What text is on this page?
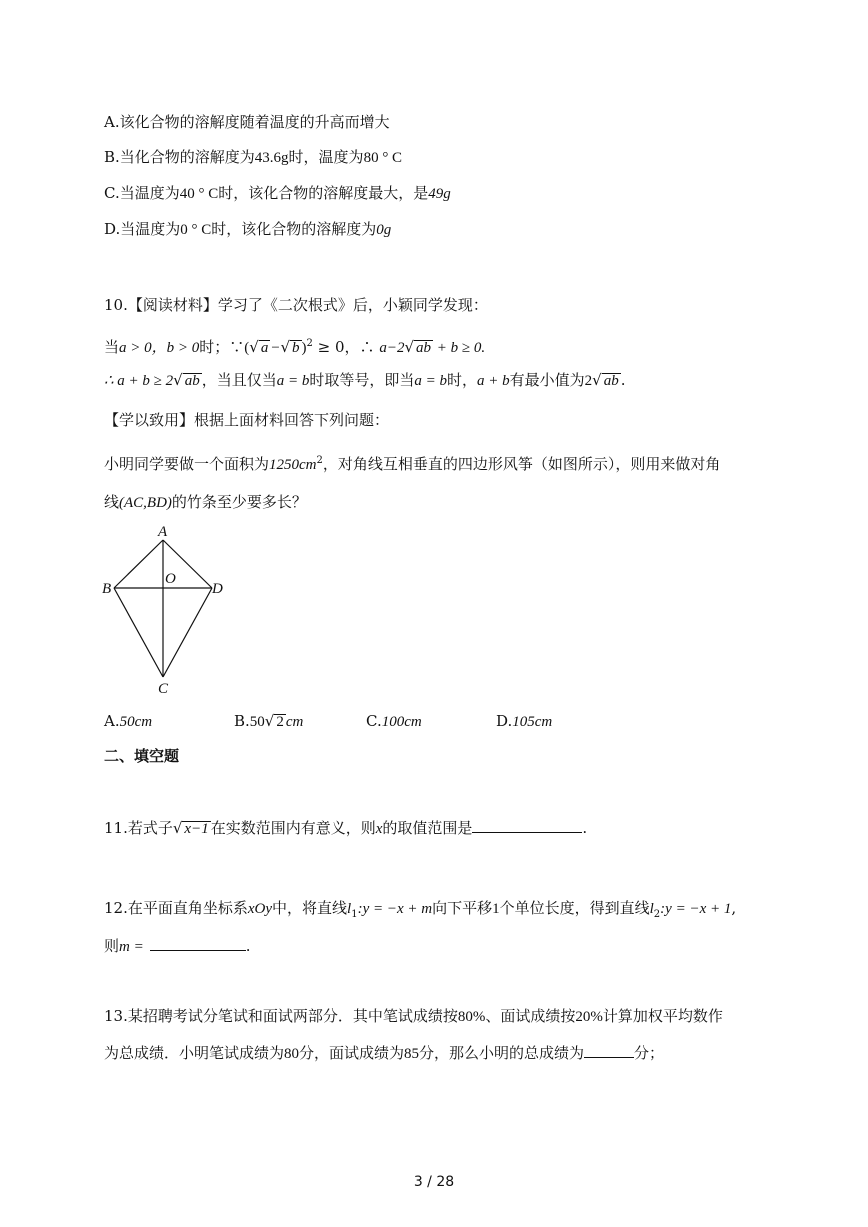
A.该化合物的溶解度随着温度的升高而增大
B.当化合物的溶解度为43.6g时，温度为80 ° C
C.当温度为40 ° C时，该化合物的溶解度最大，是49g
D.当温度为0 ° C时，该化合物的溶解度为0g
10.【阅读材料】学习了《二次根式》后，小颖同学发现：
当a > 0，b > 0时；∵(√ a −√ b )$^2$ ≥ 0，∴ a−2√ ab + b ≥ 0.
∴ a + b ≥ 2√ ab ，当且仅当a = b时取等号，即当a = b时，a + b有最小值为2√ ab .
【学以致用】根据上面材料回答下列问题：
小明同学要做一个面积为$1250cm^2$，对角线互相垂直的四边形风筝（如图所示），则用来做对角
线(AC,BD)的竹条至少要多长？
A
B
O
D
C
A.50cm	B.50√ 2 cm	C.100cm	D.105cm
二、填空题
11.若式子√ x−1 在实数范围内有意义，则x的取值范围是	.
12.在平面直角坐标系xOy中，将直线$l_1:y = -x + m$向下平移1个单位长度，得到直线$l_2:y = -x + 1$,
则m =	.
13.某招聘考试分笔试和面试两部分．其中笔试成绩按80%、面试成绩按20%计算加权平均数作
为总成绩．小明笔试成绩为80分，面试成绩为85分，那么小明的总成绩为	分；
3 / 28
